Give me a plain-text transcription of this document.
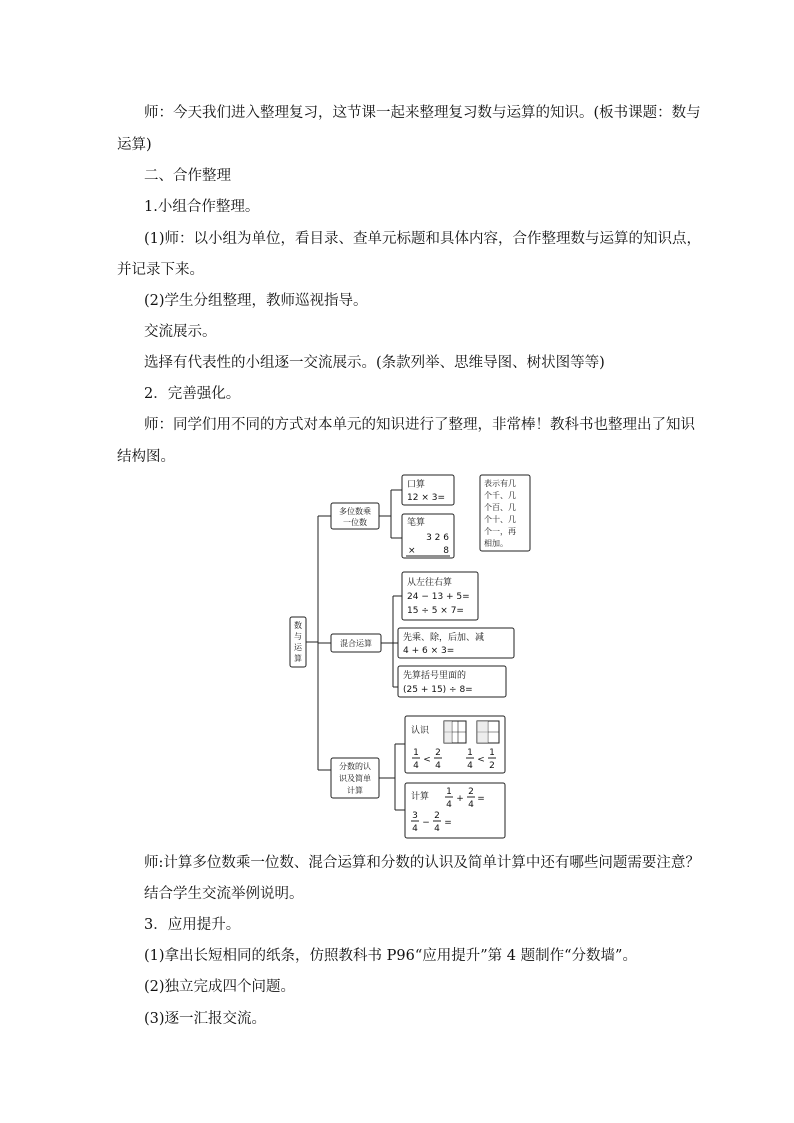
师：今天我们进入整理复习，这节课一起来整理复习数与运算的知识。(板书课题：数与
运算)
二、合作整理
1.小组合作整理。
(1)师：以小组为单位，看目录、查单元标题和具体内容，合作整理数与运算的知识点，
并记录下来。
(2)学生分组整理，教师巡视指导。
交流展示。
选择有代表性的小组逐一交流展示。(条款列举、思维导图、树状图等等)
2．完善强化。
师：同学们用不同的方式对本单元的知识进行了整理，非常棒！教科书也整理出了知识
结构图。
数
与
运
算
多位数乘
一位数
口算
12 × 3=
笔算
3 2 6
×	8
表示有几
个千、几
个百、几
个十、几
个一，再
相加。
混合运算
从左往右算
24 − 13 + 5=
15 ÷ 5 × 7=
先乘、除，后加、减
4 + 6 × 3=
先算括号里面的
(25 + 15) ÷ 8=
分数的认
识及简单
计算
认识
1
4
<
2
4
1
4
<
1
2
计算 1
4
+
2
4
=
3
4
−
2
4
=
师:计算多位数乘一位数、混合运算和分数的认识及简单计算中还有哪些问题需要注意？
结合学生交流举例说明。
3．应用提升。
(1)拿出长短相同的纸条，仿照教科书 P96“应用提升”第 4 题制作“分数墙”。
(2)独立完成四个问题。
(3)逐一汇报交流。
